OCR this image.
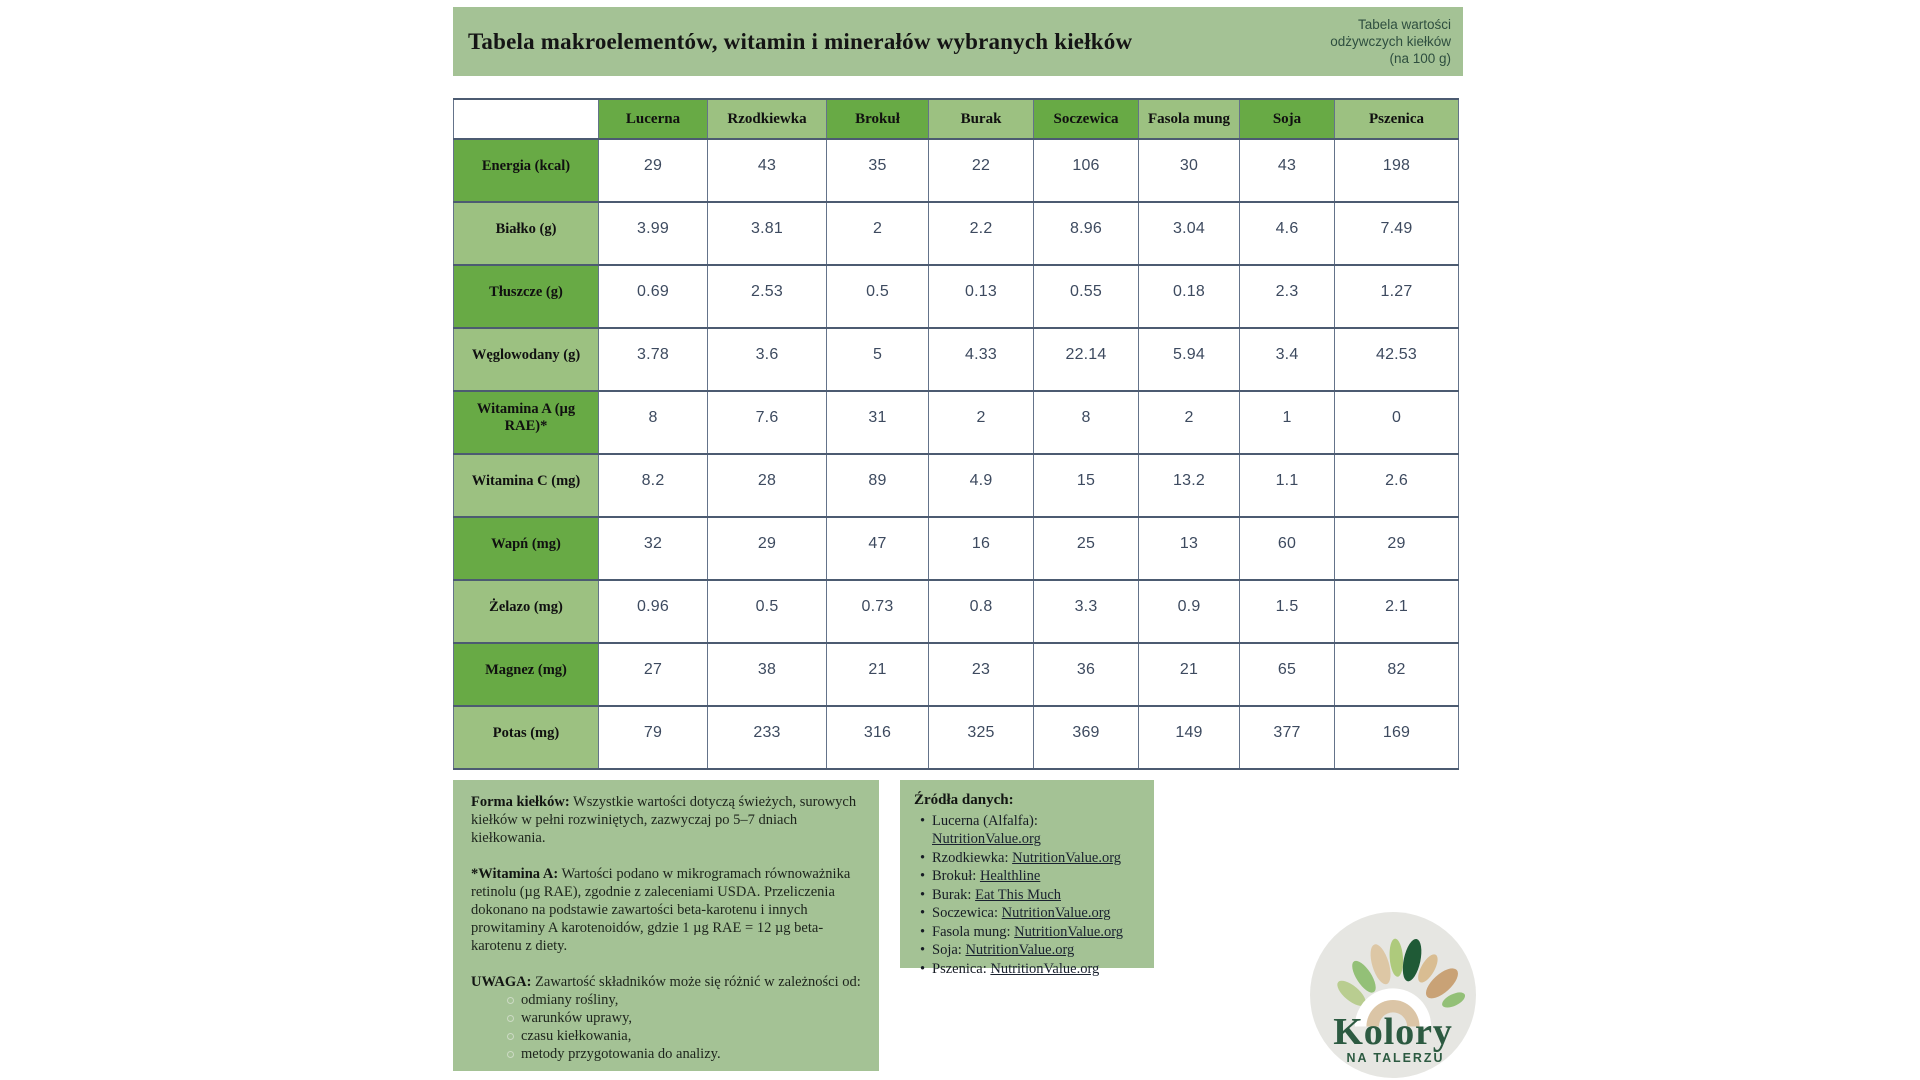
Tabela makroelementów, witamin i minerałów wybranych kiełków
Tabela wartości
odżywczych kiełków
(na 100 g)
	Lucerna	Rzodkiewka	Brokuł	Burak	Soczewica	Fasola mung	Soja	Pszenica
Energia (kcal)	29	43	35	22	106	30	43	198
Białko (g)	3.99	3.81	2	2.2	8.96	3.04	4.6	7.49
Tłuszcze (g)	0.69	2.53	0.5	0.13	0.55	0.18	2.3	1.27
Węglowodany (g)	3.78	3.6	5	4.33	22.14	5.94	3.4	42.53
Witamina A (µg RAE)*	8	7.6	31	2	8	2	1	0
Witamina C (mg)	8.2	28	89	4.9	15	13.2	1.1	2.6
Wapń (mg)	32	29	47	16	25	13	60	29
Żelazo (mg)	0.96	0.5	0.73	0.8	3.3	0.9	1.5	2.1
Magnez (mg)	27	38	21	23	36	21	65	82
Potas (mg)	79	233	316	325	369	149	377	169

Forma kiełków: Wszystkie wartości dotyczą świeżych, surowych kiełków w pełni rozwiniętych, zazwyczaj po 5–7 dniach kiełkowania.

*Witamina A: Wartości podano w mikrogramach równoważnika retinolu (µg RAE), zgodnie z zaleceniami USDA. Przeliczenia dokonano na podstawie zawartości beta-karotenu i innych prowitaminy A karotenoidów, gdzie 1 µg RAE = 12 µg beta-karotenu z diety.

UWAGA: Zawartość składników może się różnić w zależności od:

odmiany rośliny,
warunków uprawy,
czasu kiełkowania,
metody przygotowania do analizy.
Źródła danych:
• Lucerna (Alfalfa): NutritionValue.org
• Rzodkiewka: NutritionValue.org
• Brokuł: Healthline
• Burak: Eat This Much
• Soczewica: NutritionValue.org
• Fasola mung: NutritionValue.org
• Soja: NutritionValue.org
• Pszenica: NutritionValue.org
Kolory
NA TALERZU
